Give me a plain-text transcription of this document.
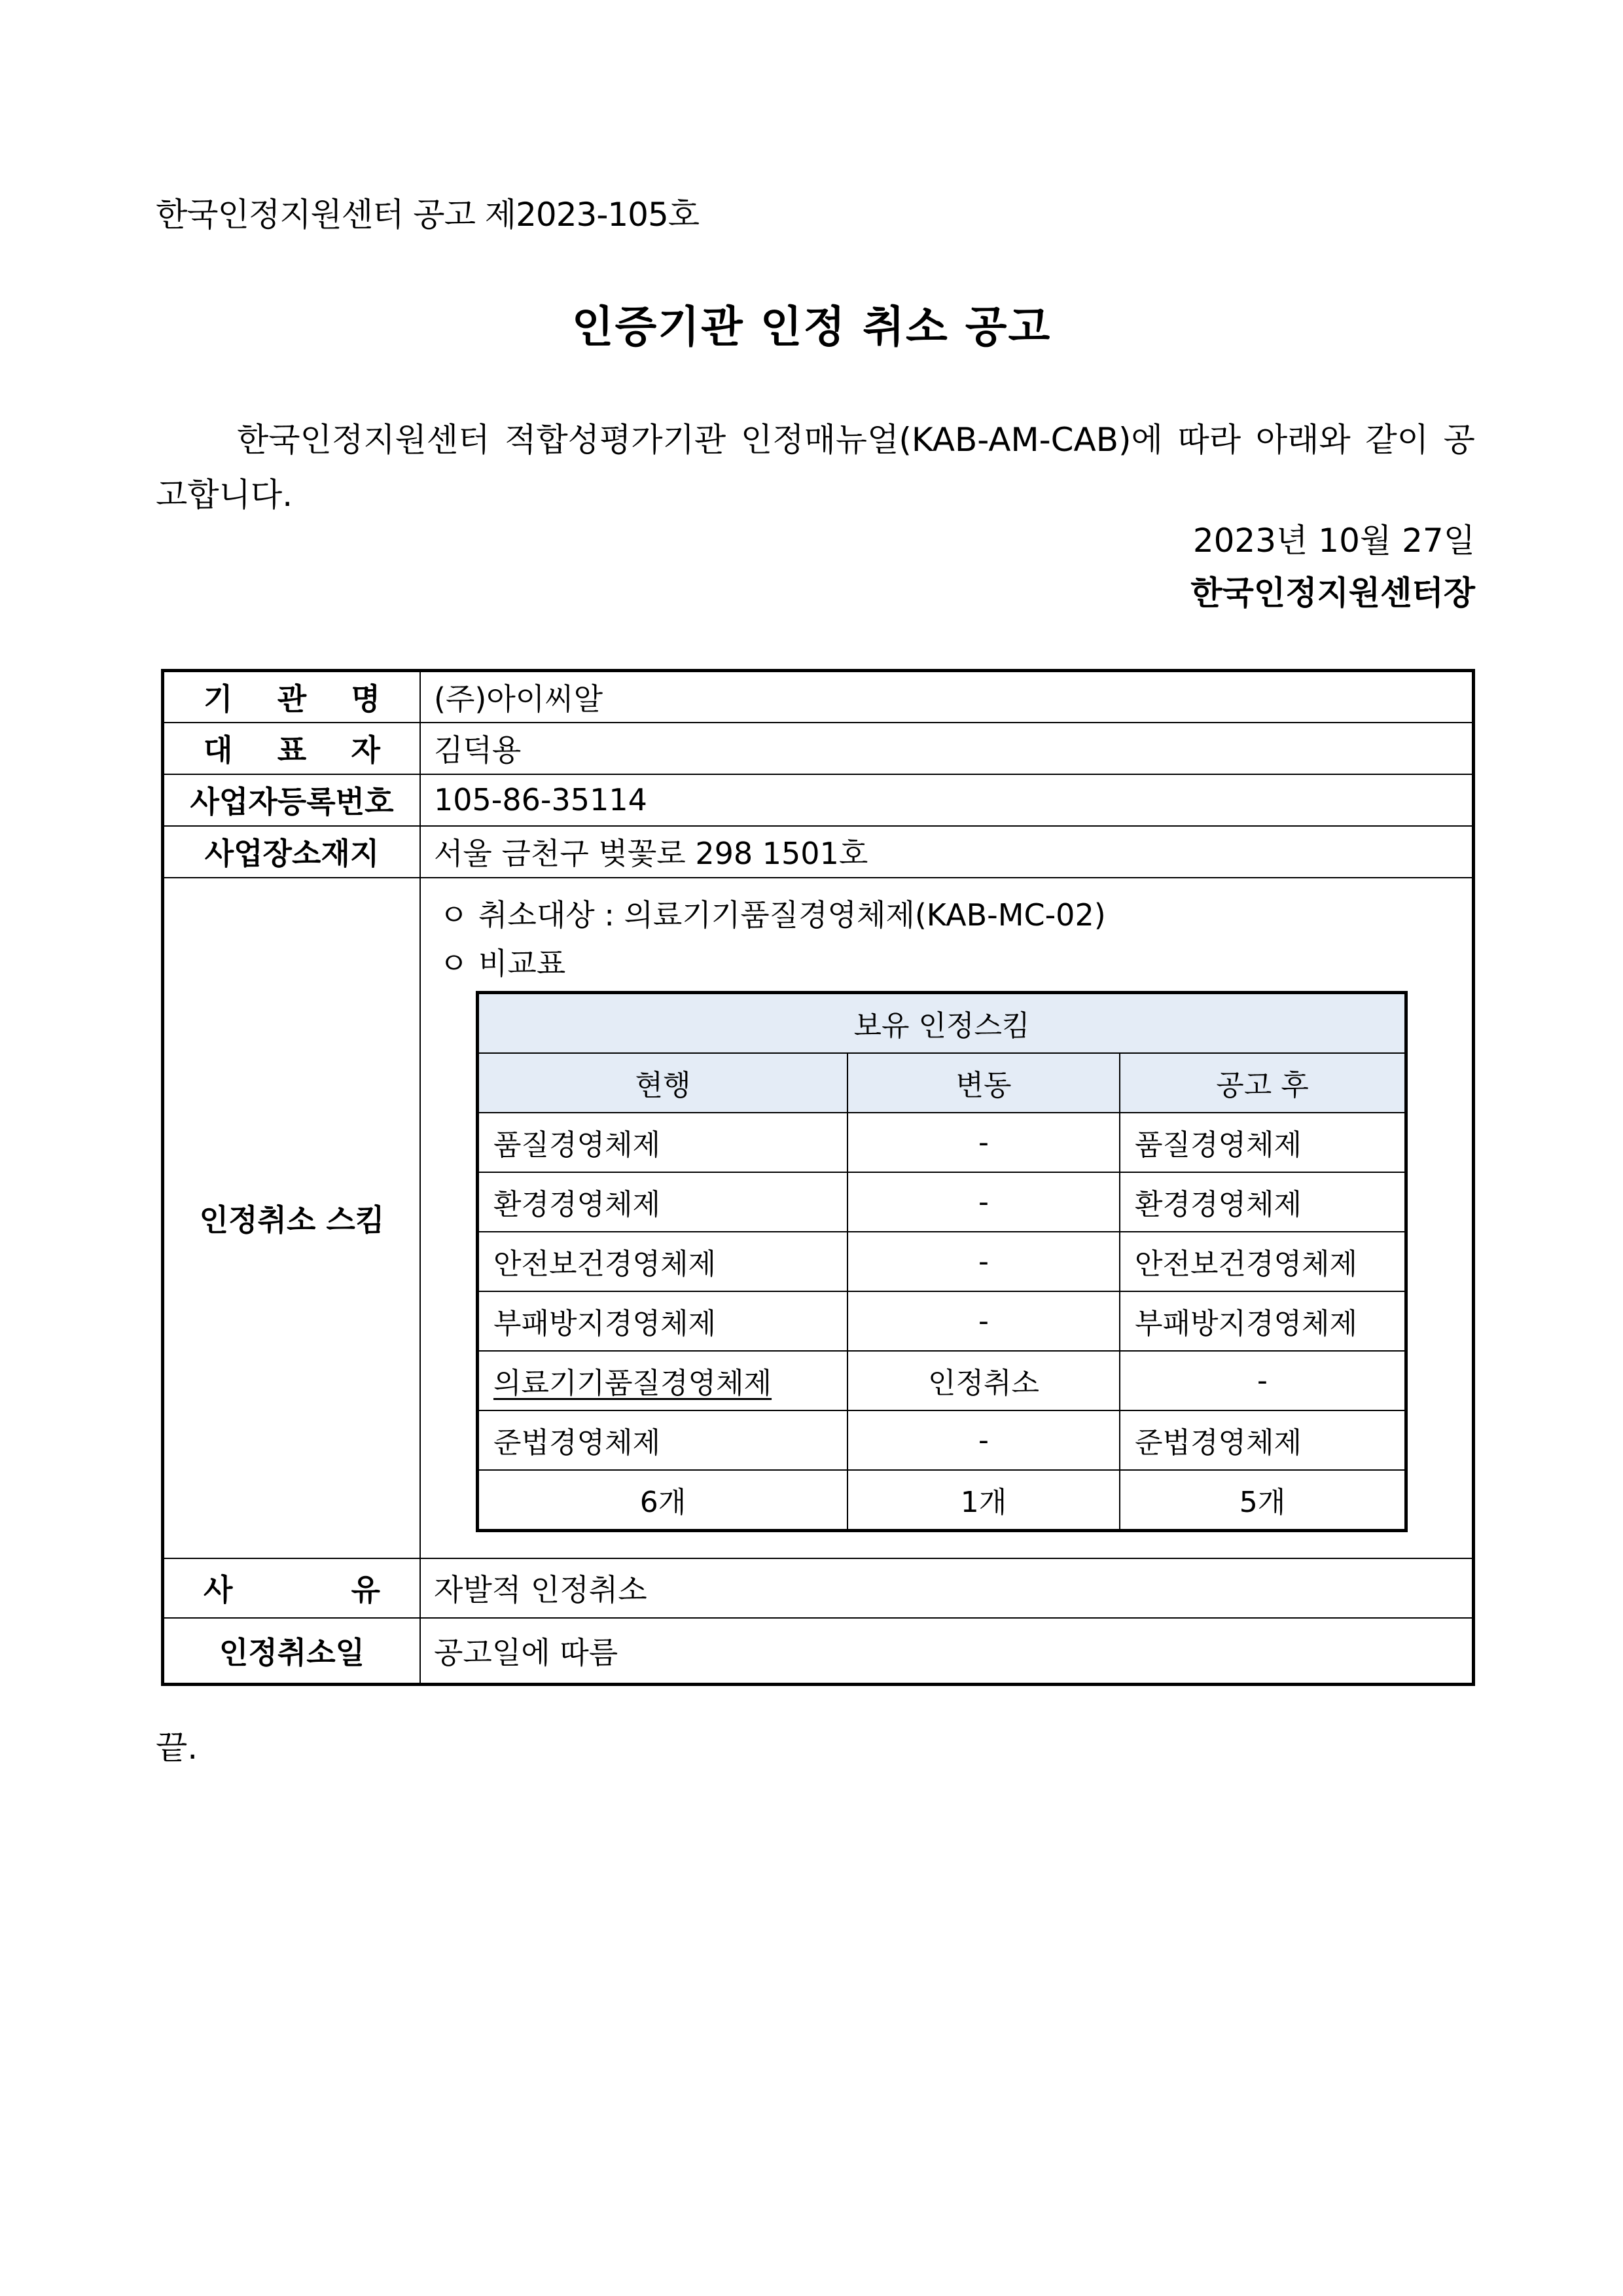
한국인정지원센터 공고 제2023-105호
인증기관 인정 취소 공고
한국인정지원센터 적합성평가기관 인정매뉴얼(KAB-AM-CAB)에 따라 아래와 같이 공고합니다.
2023년 10월 27일
한국인정지원센터장
기 관 명	(주)아이씨알
대 표 자	김덕용
사업자등록번호	105-86-35114
사업장소재지	서울 금천구 벚꽃로 298 1501호
인정취소 스킴	
ㅇ 취소대상 : 의료기기품질경영체제(KAB-MC-02)
ㅇ 비교표
보유 인정스킴
현행	변동	공고 후
품질경영체제	-	품질경영체제
환경경영체제	-	환경경영체제
안전보건경영체제	-	안전보건경영체제
부패방지경영체제	-	부패방지경영체제
의료기기품질경영체제	인정취소	-
준법경영체제	-	준법경영체제
6개	1개	5개

사 유	자발적 인정취소
인정취소일	공고일에 따름
끝.
